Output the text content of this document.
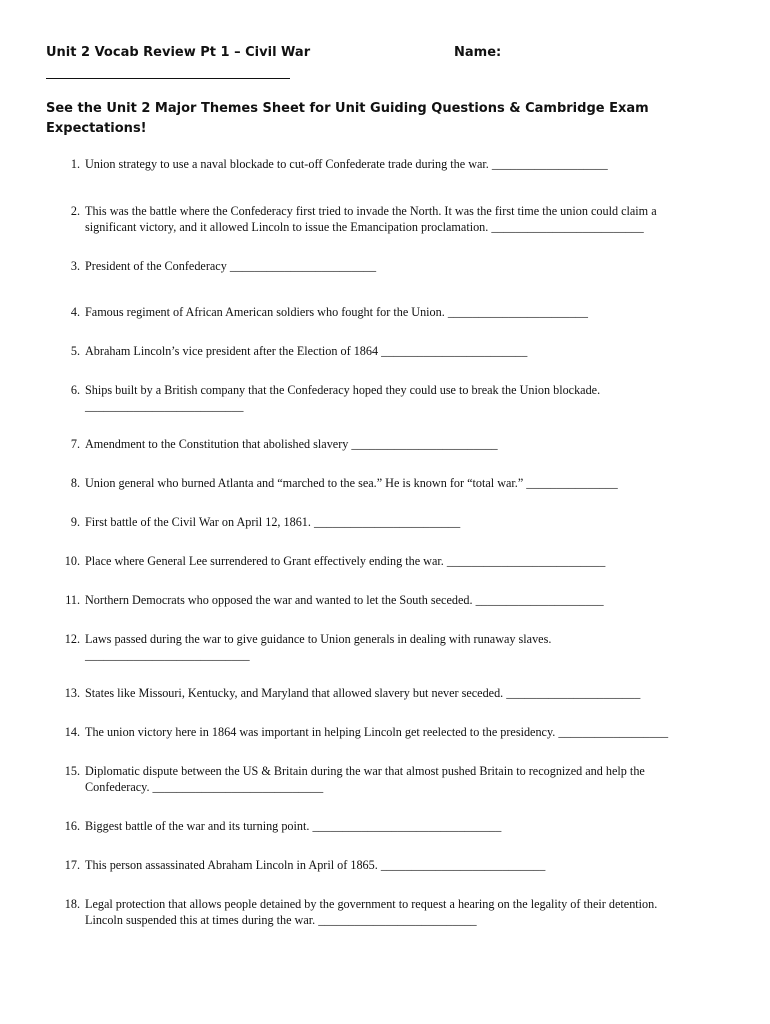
Unit 2 Vocab Review Pt 1 – Civil War	Name:
See the Unit 2 Major Themes Sheet for Unit Guiding Questions & Cambridge Exam Expectations!
1. Union strategy to use a naval blockade to cut-off Confederate trade during the war. ___________________
2. This was the battle where the Confederacy first tried to invade the North. It was the first time the union could claim a
significant victory, and it allowed Lincoln to issue the Emancipation proclamation. _________________________
3. President of the Confederacy ________________________
4. Famous regiment of African American soldiers who fought for the Union. _______________________
5. Abraham Lincoln’s vice president after the Election of 1864 ________________________
6. Ships built by a British company that the Confederacy hoped they could use to break the Union blockade.
__________________________
7. Amendment to the Constitution that abolished slavery ________________________
8. Union general who burned Atlanta and “marched to the sea.” He is known for “total war.” _______________
9. First battle of the Civil War on April 12, 1861. ________________________
10. Place where General Lee surrendered to Grant effectively ending the war. __________________________
11. Northern Democrats who opposed the war and wanted to let the South seceded. _____________________
12. Laws passed during the war to give guidance to Union generals in dealing with runaway slaves.
___________________________
13. States like Missouri, Kentucky, and Maryland that allowed slavery but never seceded. ______________________
14. The union victory here in 1864 was important in helping Lincoln get reelected to the presidency. __________________
15. Diplomatic dispute between the US & Britain during the war that almost pushed Britain to recognized and help the
Confederacy. ____________________________
16. Biggest battle of the war and its turning point. _______________________________
17. This person assassinated Abraham Lincoln in April of 1865. ___________________________
18. Legal protection that allows people detained by the government to request a hearing on the legality of their detention.
Lincoln suspended this at times during the war. __________________________
